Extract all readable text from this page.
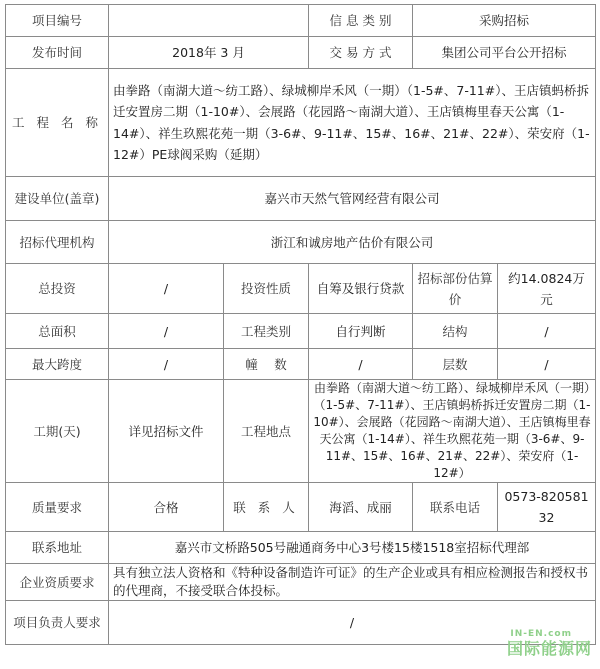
项目编号			信 息 类 别	采购招标	
发布时间	2018年 3 月		交 易 方 式	集团公司平台公开招标	
工 程 名 称	由拳路（南湖大道～纺工路）、绿城柳岸禾风（一期）（1-5#、7-11#）、王店镇蚂桥拆迁安置房二期（1-10#）、会展路（花园路～南湖大道）、王店镇梅里春天公寓（1-14#）、祥生玖熙花苑一期（3-6#、9-11#、15#、16#、21#、22#）、荣安府（1-12#）PE球阀采购（延期）				
建设单位(盖章)	嘉兴市天然气管网经营有限公司				
招标代理机构	浙江和诚房地产估价有限公司				
总投资	/	投资性质	自筹及银行贷款	招标部份估算价	约14.0824万元
总面积	/	工程类别	自行判断	结构	/
最大跨度	/	幢　 数	/	层数	/
工期(天)	详见招标文件	工程地点	由拳路（南湖大道～纺工路）、绿城柳岸禾风（一期）（1-5#、7-11#）、王店镇蚂桥拆迁安置房二期（1-10#）、会展路（花园路～南湖大道）、王店镇梅里春天公寓（1-14#）、祥生玖熙花苑一期（3-6#、9-11#、15#、16#、21#、22#）、荣安府（1-12#）		
质量要求	合格	联 系 人	海滔、成丽	联系电话	0573-82058132
联系地址	嘉兴市文桥路505号融通商务中心3号楼15楼1518室招标代理部				
企业资质要求	具有独立法人资格和《特种设备制造许可证》的生产企业或具有相应检测报告和授权书的代理商，不接受联合体投标。				
项目负责人要求	/				
IN-EN.com
国际能源网
